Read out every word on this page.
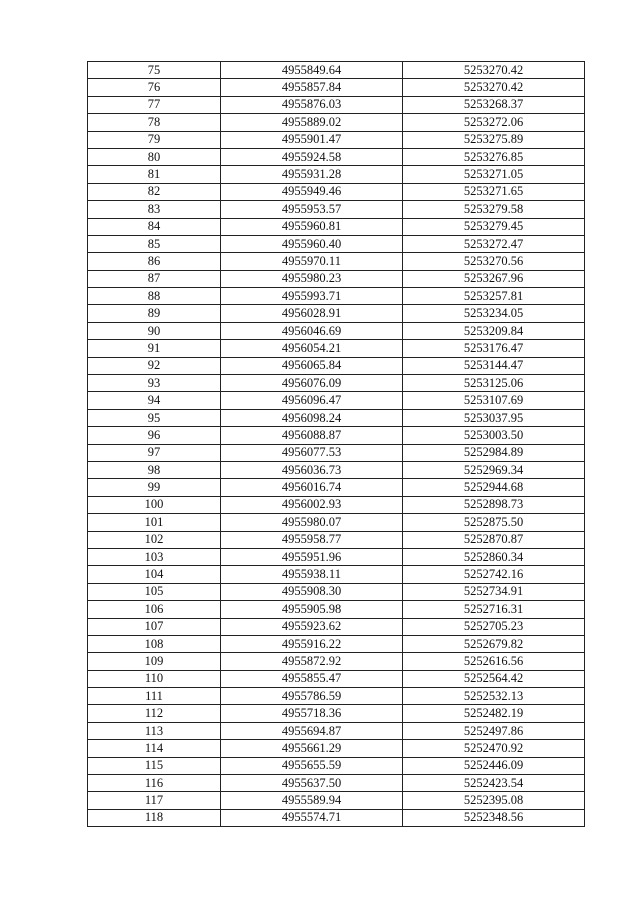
75	4955849.64	5253270.42
76	4955857.84	5253270.42
77	4955876.03	5253268.37
78	4955889.02	5253272.06
79	4955901.47	5253275.89
80	4955924.58	5253276.85
81	4955931.28	5253271.05
82	4955949.46	5253271.65
83	4955953.57	5253279.58
84	4955960.81	5253279.45
85	4955960.40	5253272.47
86	4955970.11	5253270.56
87	4955980.23	5253267.96
88	4955993.71	5253257.81
89	4956028.91	5253234.05
90	4956046.69	5253209.84
91	4956054.21	5253176.47
92	4956065.84	5253144.47
93	4956076.09	5253125.06
94	4956096.47	5253107.69
95	4956098.24	5253037.95
96	4956088.87	5253003.50
97	4956077.53	5252984.89
98	4956036.73	5252969.34
99	4956016.74	5252944.68
100	4956002.93	5252898.73
101	4955980.07	5252875.50
102	4955958.77	5252870.87
103	4955951.96	5252860.34
104	4955938.11	5252742.16
105	4955908.30	5252734.91
106	4955905.98	5252716.31
107	4955923.62	5252705.23
108	4955916.22	5252679.82
109	4955872.92	5252616.56
110	4955855.47	5252564.42
111	4955786.59	5252532.13
112	4955718.36	5252482.19
113	4955694.87	5252497.86
114	4955661.29	5252470.92
115	4955655.59	5252446.09
116	4955637.50	5252423.54
117	4955589.94	5252395.08
118	4955574.71	5252348.56
